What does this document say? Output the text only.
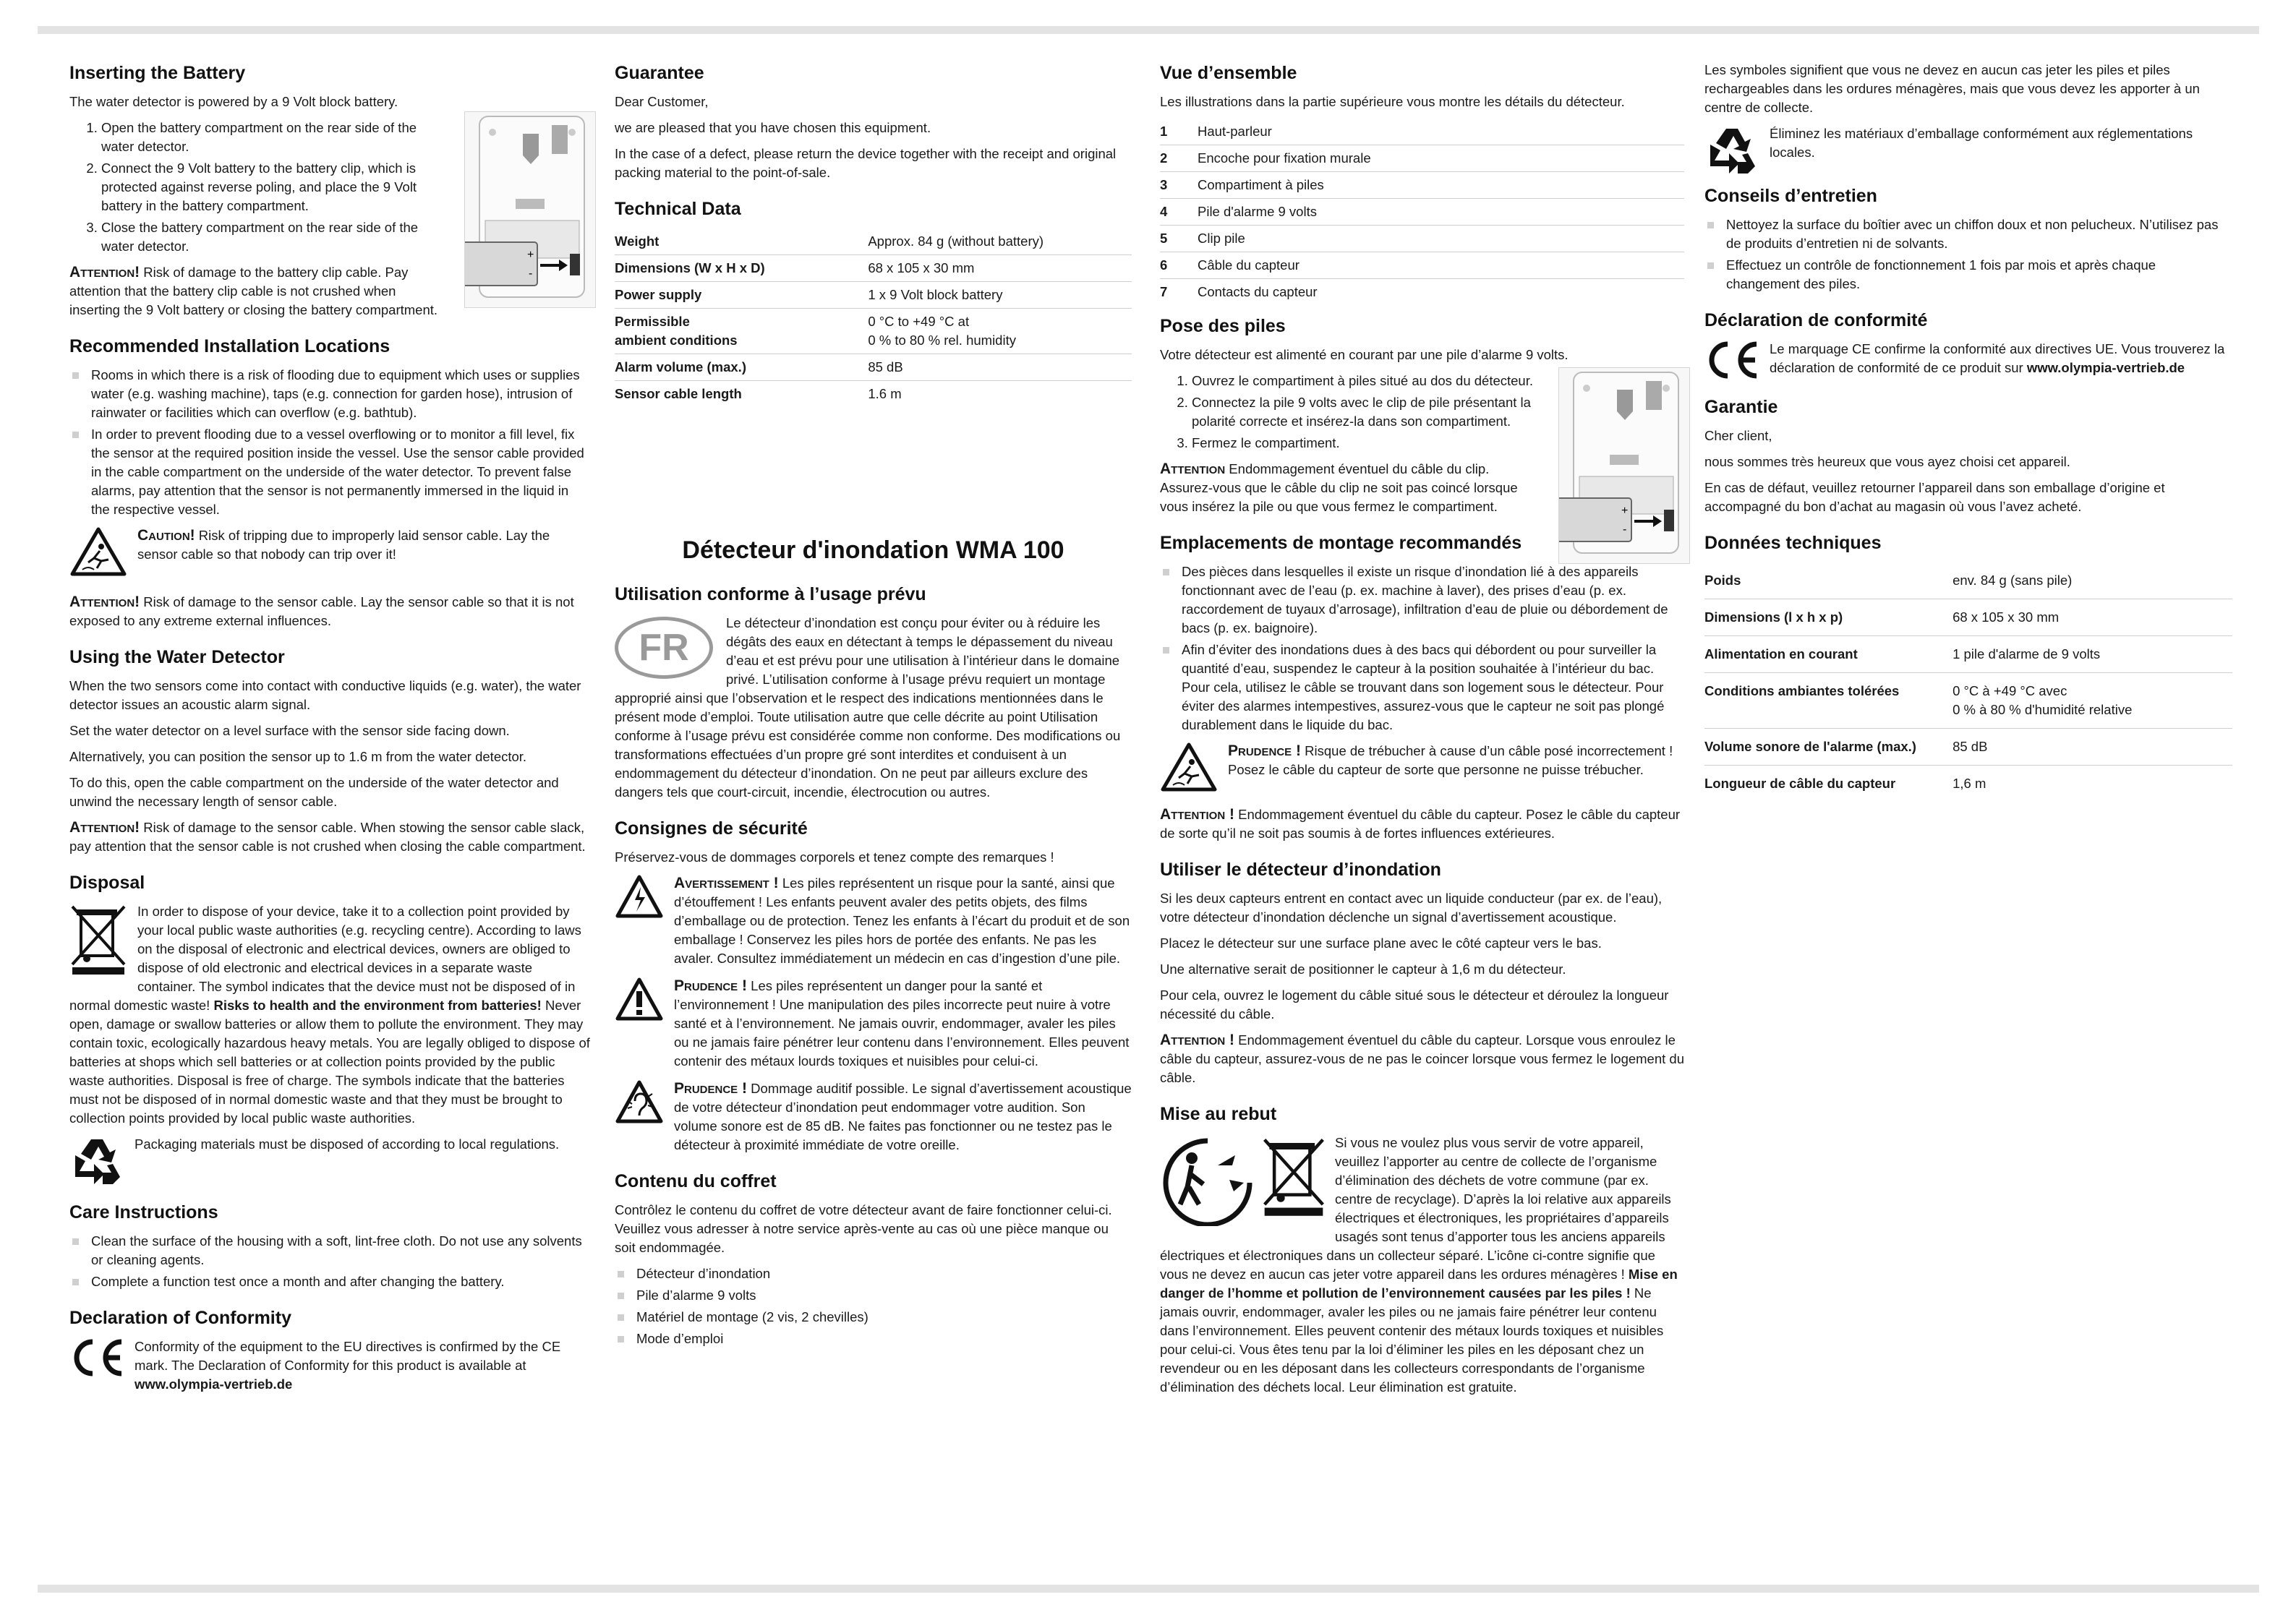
Inserting the Battery

The water detector is powered by a 9 Volt block battery.

+
-
1. Open the battery compartment on the rear side of the water detector.
2. Connect the 9 Volt battery to the battery clip, which is protected against reverse poling, and place the 9 Volt battery in the battery compartment.
3. Close the battery compartment on the rear side of the water detector.

Attention! Risk of damage to the battery clip cable. Pay attention that the battery clip cable is not crushed when inserting the 9 Volt battery or closing the battery compartment.

Recommended Installation Locations
Rooms in which there is a risk of flooding due to equipment which uses or supplies water (e.g. washing machine), taps (e.g. connection for garden hose), intrusion of rainwater or facilities which can overflow (e.g. bathtub).
In order to prevent flooding due to a vessel overflowing or to monitor a fill level, fix the sensor at the required position inside the vessel. Use the sensor cable provided in the cable compartment on the underside of the water detector. To prevent false alarms, pay attention that the sensor is not permanently immersed in the liquid in the respective vessel.

Caution! Risk of tripping due to improperly laid sensor cable. Lay the sensor cable so that nobody can trip over it!

Attention! Risk of damage to the sensor cable. Lay the sensor cable so that it is not exposed to any extreme external influences.

Using the Water Detector

When the two sensors come into contact with conductive liquids (e.g. water), the water detector issues an acoustic alarm signal.

Set the water detector on a level surface with the sensor side facing down.

Alternatively, you can position the sensor up to 1.6 m from the water detector.

To do this, open the cable compartment on the underside of the water detector and unwind the necessary length of sensor cable.

Attention! Risk of damage to the sensor cable. When stowing the sensor cable slack, pay attention that the sensor cable is not crushed when closing the cable compartment.

Disposal

In order to dispose of your device, take it to a collection point provided by your local public waste authorities (e.g. recycling centre). According to laws on the disposal of electronic and electrical devices, owners are obliged to dispose of old electronic and electrical devices in a separate waste container. The symbol indicates that the device must not be disposed of in normal domestic waste! Risks to health and the environment from batteries! Never open, damage or swallow batteries or allow them to pollute the environment. They may contain toxic, ecologically hazardous heavy metals. You are legally obliged to dispose of batteries at shops which sell batteries or at collection points provided by the public waste authorities. Disposal is free of charge. The symbols indicate that the batteries must not be disposed of in normal domestic waste and that they must be brought to collection points provided by local public waste authorities.

Packaging materials must be disposed of according to local regulations.

Care Instructions
Clean the surface of the housing with a soft, lint-free cloth. Do not use any solvents or cleaning agents.
Complete a function test once a month and after changing the battery.
Declaration of Conformity

Conformity of the equipment to the EU directives is confirmed by the CE mark. The Declaration of Conformity for this product is available at www.olympia-vertrieb.de

Guarantee

Dear Customer,

we are pleased that you have chosen this equipment.

In the case of a defect, please return the device together with the receipt and original packing material to the point-of-sale.

Technical Data
Weight	Approx. 84 g (without battery)
Dimensions (W x H x D)	68 x 105 x 30 mm
Power supply	1 x 9 Volt block battery
Permissible
ambient conditions	0 °C to +49 °C at
0 % to 80 % rel. humidity
Alarm volume (max.)	85 dB
Sensor cable length	1.6 m
Détecteur d'inondation WMA 100
Utilisation conforme à l’usage prévu
FR

Le détecteur d’inondation est conçu pour éviter ou à réduire les dégâts des eaux en détectant à temps le dépassement du niveau d’eau et est prévu pour une utilisation à l’intérieur dans le domaine privé. L’utilisation conforme à l’usage prévu requiert un montage approprié ainsi que l’observation et le respect des indications mentionnées dans le présent mode d’emploi. Toute utilisation autre que celle décrite au point Utilisation conforme à l’usage prévu est considérée comme non conforme. Des modifications ou transformations effectuées d’un propre gré sont interdites et conduisent à un endommagement du détecteur d’inondation. On ne peut par ailleurs exclure des dangers tels que court-circuit, incendie, électrocution ou autres.

Consignes de sécurité

Préservez-vous de dommages corporels et tenez compte des remarques !

Avertissement ! Les piles représentent un risque pour la santé, ainsi que d’étouffement ! Les enfants peuvent avaler des petits objets, des films d’emballage ou de protection. Tenez les enfants à l’écart du produit et de son emballage ! Conservez les piles hors de portée des enfants. Ne pas les avaler. Consultez immédiatement un médecin en cas d’ingestion d’une pile.

Prudence ! Les piles représentent un danger pour la santé et l’environnement ! Une manipulation des piles incorrecte peut nuire à votre santé et à l’environnement. Ne jamais ouvrir, endommager, avaler les piles ou ne jamais faire pénétrer leur contenu dans l’environnement. Elles peuvent contenir des métaux lourds toxiques et nuisibles pour celui-ci.

Prudence ! Dommage auditif possible. Le signal d’avertissement acoustique de votre détecteur d’inondation peut endommager votre audition. Son volume sonore est de 85 dB. Ne faites pas fonctionner ou ne testez pas le détecteur à proximité immédiate de votre oreille.

Contenu du coffret

Contrôlez le contenu du coffret de votre détecteur avant de faire fonctionner celui-ci. Veuillez vous adresser à notre service après-vente au cas où une pièce manque ou soit endommagée.

Détecteur d’inondation
Pile d’alarme 9 volts
Matériel de montage (2 vis, 2 chevilles)
Mode d’emploi
Vue d’ensemble

Les illustrations dans la partie supérieure vous montre les détails du détecteur.

1	Haut-parleur
2	Encoche pour fixation murale
3	Compartiment à piles
4	Pile d'alarme 9 volts
5	Clip pile
6	Câble du capteur
7	Contacts du capteur
Pose des piles

Votre détecteur est alimenté en courant par une pile d’alarme 9 volts.

+
-
1. Ouvrez le compartiment à piles situé au dos du détecteur.
2. Connectez la pile 9 volts avec le clip de pile présentant la polarité correcte et insérez-la dans son compartiment.
3. Fermez le compartiment.

Attention Endommagement éventuel du câble du clip. Assurez-vous que le câble du clip ne soit pas coincé lorsque vous insérez la pile ou que vous fermez le compartiment.

Emplacements de montage recommandés
Des pièces dans lesquelles il existe un risque d’inondation lié à des appareils fonctionnant avec de l’eau (p. ex. machine à laver), des prises d’eau (p. ex. raccordement de tuyaux d’arrosage), infiltration d’eau de pluie ou débordement de bacs (p. ex. baignoire).
Afin d’éviter des inondations dues à des bacs qui débordent ou pour surveiller la quantité d’eau, suspendez le capteur à la position souhaitée à l’intérieur du bac. Pour cela, utilisez le câble se trouvant dans son logement sous le détecteur. Pour éviter des alarmes intempestives, assurez-vous que le capteur ne soit pas plongé durablement dans le liquide du bac.

Prudence ! Risque de trébucher à cause d’un câble posé incorrectement ! Posez le câble du capteur de sorte que personne ne puisse trébucher.

Attention ! Endommagement éventuel du câble du capteur. Posez le câble du capteur de sorte qu’il ne soit pas soumis à de fortes influences extérieures.

Utiliser le détecteur d’inondation

Si les deux capteurs entrent en contact avec un liquide conducteur (par ex. de l’eau), votre détecteur d’inondation déclenche un signal d’avertissement acoustique.

Placez le détecteur sur une surface plane avec le côté capteur vers le bas.

Une alternative serait de positionner le capteur à 1,6 m du détecteur.

Pour cela, ouvrez le logement du câble situé sous le détecteur et déroulez la longueur nécessité du câble.

Attention ! Endommagement éventuel du câble du capteur. Lorsque vous enroulez le câble du capteur, assurez-vous de ne pas le coincer lorsque vous fermez le logement du câble.

Mise au rebut

Si vous ne voulez plus vous servir de votre appareil, veuillez l’apporter au centre de collecte de l’organisme d’élimination des déchets de votre commune (par ex. centre de recyclage). D’après la loi relative aux appareils électriques et électroniques, les propriétaires d’appareils usagés sont tenus d’apporter tous les anciens appareils électriques et électroniques dans un collecteur séparé. L’icône ci-contre signifie que vous ne devez en aucun cas jeter votre appareil dans les ordures ménagères ! Mise en danger de l’homme et pollution de l’environnement causées par les piles ! Ne jamais ouvrir, endommager, avaler les piles ou ne jamais faire pénétrer leur contenu dans l’environnement. Elles peuvent contenir des métaux lourds toxiques et nuisibles pour celui-ci. Vous êtes tenu par la loi d’éliminer les piles en les déposant chez un revendeur ou en les déposant dans les collecteurs correspondants de l’organisme d’élimination des déchets local. Leur élimination est gratuite.

Les symboles signifient que vous ne devez en aucun cas jeter les piles et piles rechargeables dans les ordures ménagères, mais que vous devez les apporter à un centre de collecte.

Éliminez les matériaux d’emballage conformément aux réglementations locales.

Conseils d’entretien
Nettoyez la surface du boîtier avec un chiffon doux et non pelucheux. N’utilisez pas de produits d’entretien ni de solvants.
Effectuez un contrôle de fonctionnement 1 fois par mois et après chaque changement des piles.
Déclaration de conformité

Le marquage CE confirme la conformité aux directives UE. Vous trouverez la déclaration de conformité de ce produit sur www.olympia-vertrieb.de

Garantie

Cher client,

nous sommes très heureux que vous ayez choisi cet appareil.

En cas de défaut, veuillez retourner l’appareil dans son emballage d’origine et accompagné du bon d’achat au magasin où vous l’avez acheté.

Données techniques
Poids	env. 84 g (sans pile)
Dimensions (l x h x p)	68 x 105 x 30 mm
Alimentation en courant	1 pile d'alarme de 9 volts
Conditions ambiantes tolérées	0 °C à +49 °C avec
0 % à 80 % d'humidité relative
Volume sonore de l'alarme (max.)	85 dB
Longueur de câble du capteur	1,6 m
